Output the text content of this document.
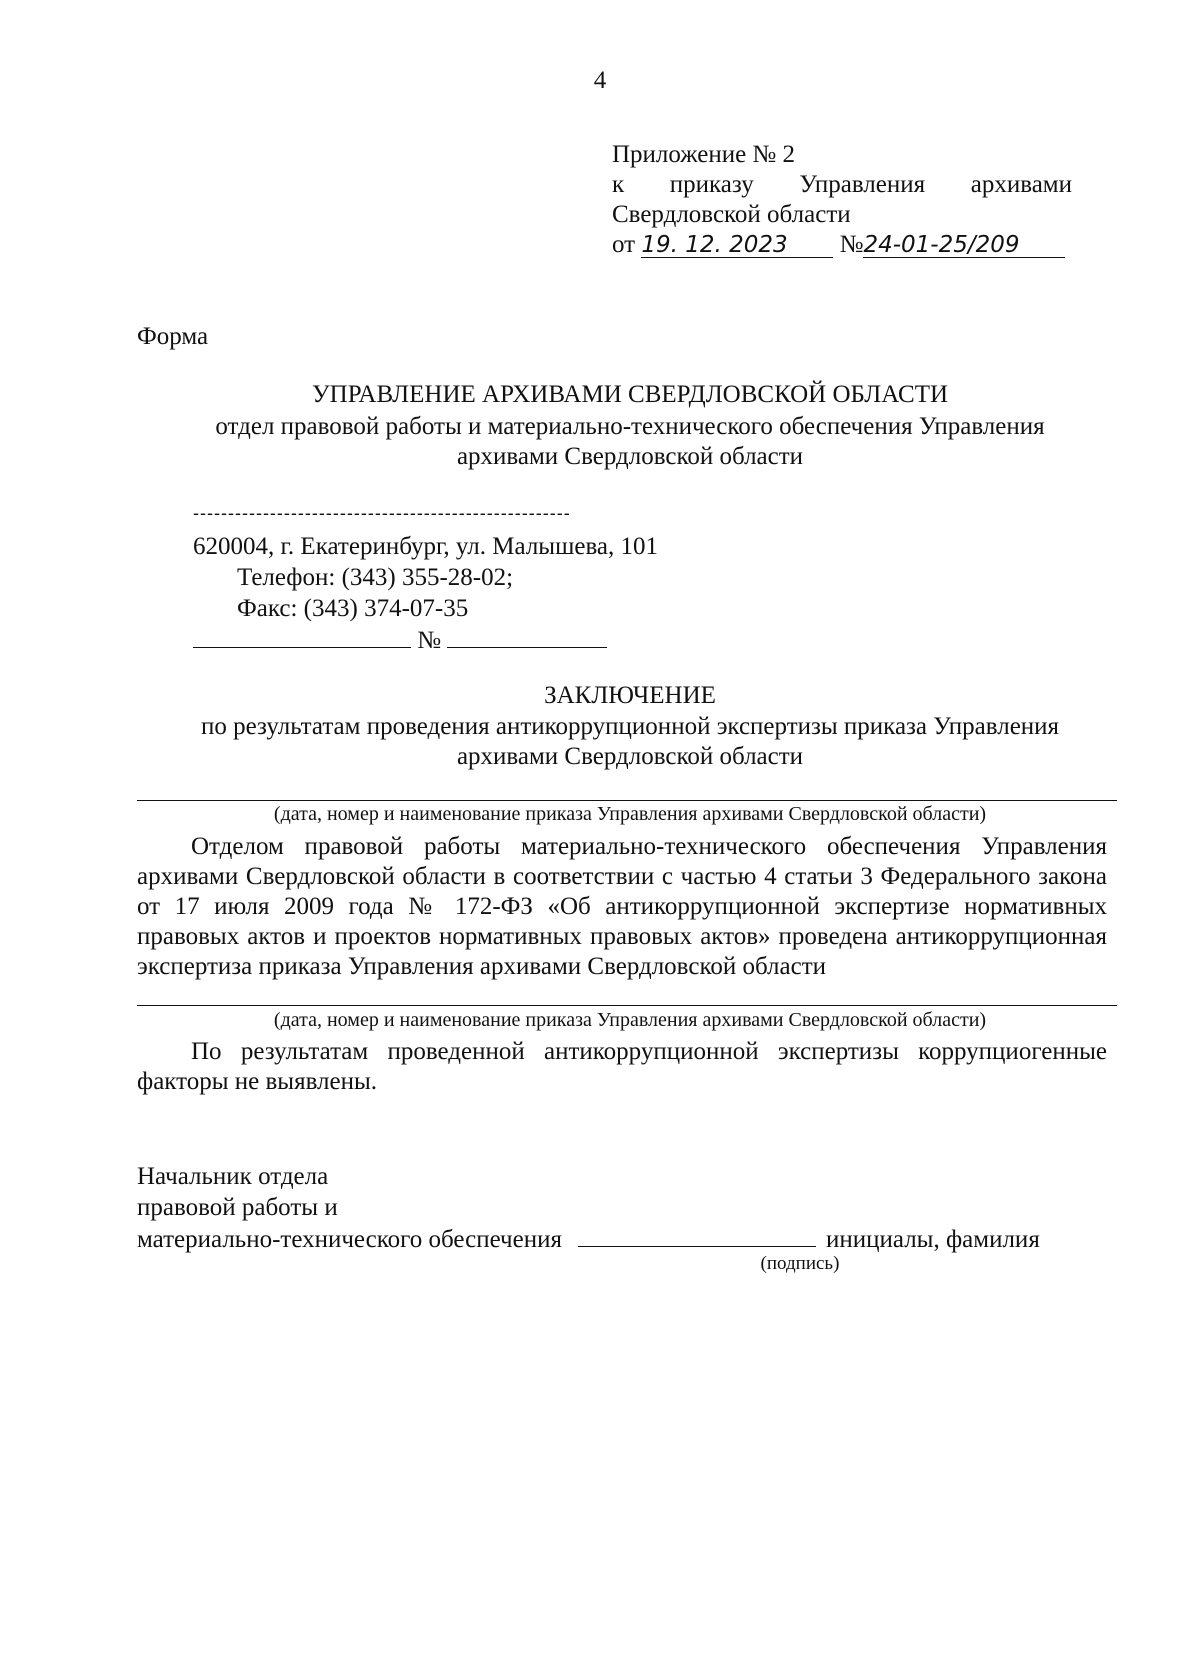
4
Приложение № 2
к приказу Управления архивами
Свердловской области
от 19. 12. 2023 №24-01-25/209
Форма
УПРАВЛЕНИЕ АРХИВАМИ СВЕРДЛОВСКОЙ ОБЛАСТИ
отдел правовой работы и материально-технического обеспечения Управления архивами Свердловской области
------------------------------------------------------
620004, г. Екатеринбург, ул. Малышева, 101
Телефон: (343) 355-28-02;
Факс: (343) 374-07-35
№
ЗАКЛЮЧЕНИЕ
по результатам проведения антикоррупционной экспертизы приказа Управления архивами Свердловской области
(дата, номер и наименование приказа Управления архивами Свердловской области)
Отделом правовой работы материально-технического обеспечения Управления архивами Свердловской области в соответствии с частью 4 статьи 3 Федерального закона от 17 июля 2009 года № 172-ФЗ «Об антикоррупционной экспертизе нормативных правовых актов и проектов нормативных правовых актов» проведена антикоррупционная экспертиза приказа Управления архивами Свердловской области
(дата, номер и наименование приказа Управления архивами Свердловской области)
По результатам проведенной антикоррупционной экспертизы коррупциогенные факторы не выявлены.
Начальник отдела
правовой работы и
материально-технического обеспечения	инициалы, фамилия
(подпись)
